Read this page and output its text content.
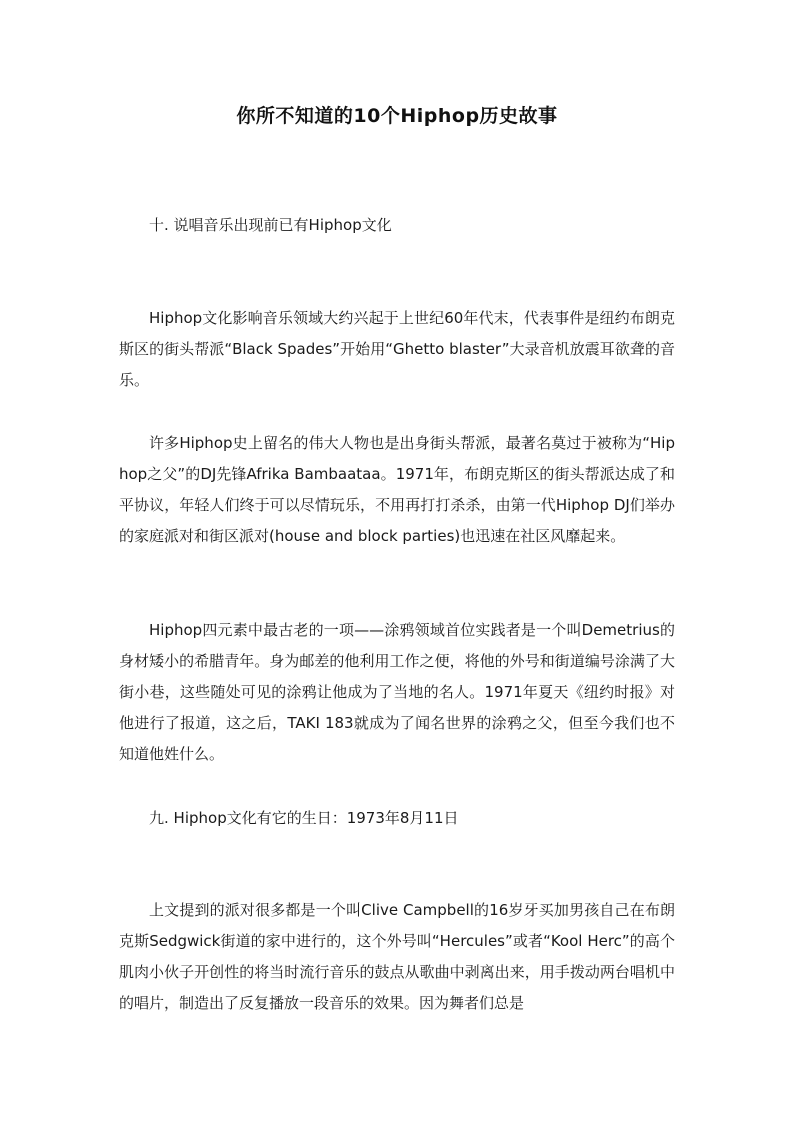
你所不知道的10个Hiphop历史故事
十. 说唱音乐出现前已有Hiphop文化
Hiphop文化影响音乐领域大约兴起于上世纪60年代末，代表事件是纽约布朗克斯区的街头帮派“Black Spades”开始用“Ghetto blaster”大录音机放震耳欲聋的音乐。
许多Hiphop史上留名的伟大人物也是出身街头帮派，最著名莫过于被称为“Hiphop之父”的DJ先锋Afrika Bambaataa。1971年，布朗克斯区的街头帮派达成了和平协议，年轻人们终于可以尽情玩乐，不用再打打杀杀，由第一代Hiphop DJ们举办的家庭派对和街区派对(house and block parties)也迅速在社区风靡起来。
Hiphop四元素中最古老的一项——涂鸦领域首位实践者是一个叫Demetrius的身材矮小的希腊青年。身为邮差的他利用工作之便，将他的外号和街道编号涂满了大街小巷，这些随处可见的涂鸦让他成为了当地的名人。1971年夏天《纽约时报》对他进行了报道，这之后，TAKI 183就成为了闻名世界的涂鸦之父，但至今我们也不知道他姓什么。
九. Hiphop文化有它的生日：1973年8月11日
上文提到的派对很多都是一个叫Clive Campbell的16岁牙买加男孩自己在布朗克斯Sedgwick街道的家中进行的，这个外号叫“Hercules”或者“Kool Herc”的高个肌肉小伙子开创性的将当时流行音乐的鼓点从歌曲中剥离出来，用手拨动两台唱机中的唱片，制造出了反复播放一段音乐的效果。因为舞者们总是
